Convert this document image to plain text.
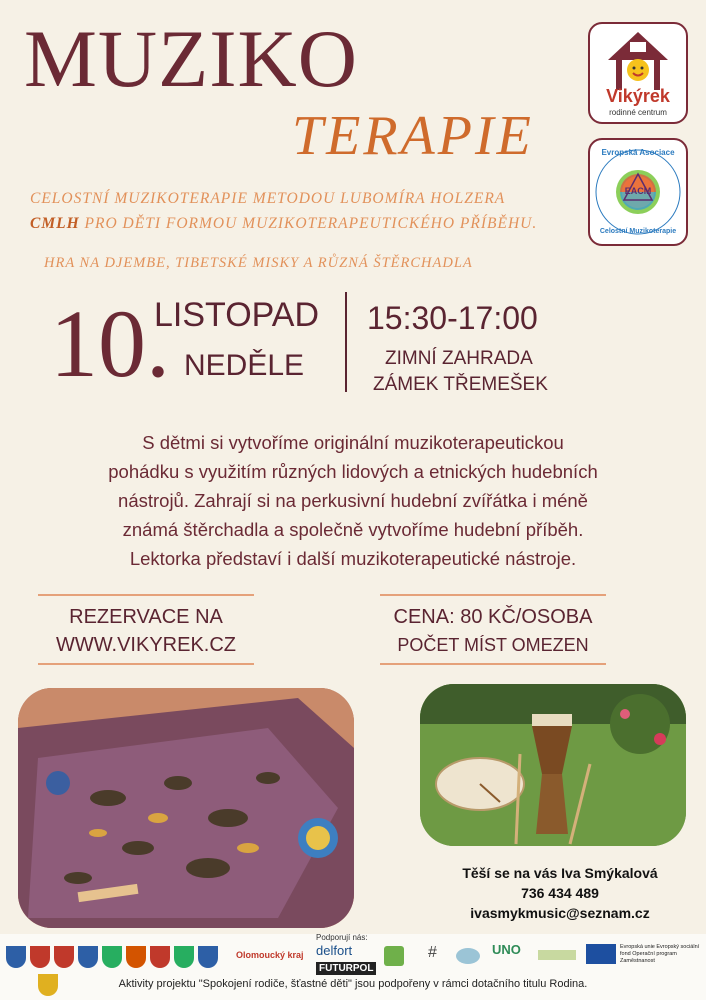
MUZIKO
TERAPIE
Vikýrek
rodinné centrum
Evropská Asociace
EACM
Celostní Muzikoterapie
CELOSTNÍ MUZIKOTERAPIE METODOU LUBOMÍRA HOLZERA
CMLH PRO DĚTI FORMOU MUZIKOTERAPEUTICKÉHO PŘÍBĚHU.
HRA NA DJEMBE, TIBETSKÉ MISKY A RŮZNÁ ŠTĚRCHADLA
10.
LISTOPAD
NEDĚLE
15:30-17:00
ZIMNÍ ZAHRADA
ZÁMEK TŘEMEŠEK
S dětmi si vytvoříme originální muzikoterapeutickou
pohádku s využitím různých lidových a etnických hudebních
nástrojů. Zahrají si na perkusivní hudební zvířátka i méně
známá štěrchadla a společně vytvoříme hudební příběh.
Lektorka představí i další muzikoterapeutické nástroje.
REZERVACE NA
WWW.VIKYREK.CZ
CENA: 80 KČ/OSOBA
POČET MÍST OMEZEN
Těší se na vás Iva Smýkalová
736 434 489
ivasmykmusic@seznam.cz
Olomoucký kraj
Podporují nás:
delfort
FUTURPOL
#	UNO	Evropská unie Evropský sociální fond Operační program Zaměstnanost
Aktivity projektu "Spokojení rodiče, šťastné děti" jsou podpořeny v rámci dotačního titulu Rodina.
